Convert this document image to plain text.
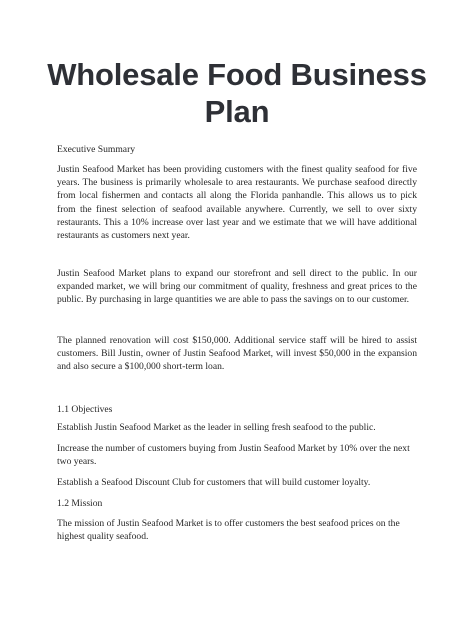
Wholesale Food Business Plan

Executive Summary

Justin Seafood Market has been providing customers with the finest quality seafood for five years. The business is primarily wholesale to area restaurants. We purchase seafood directly from local fishermen and contacts all along the Florida panhandle. This allows us to pick from the finest selection of seafood available anywhere. Currently, we sell to over sixty restaurants. This a 10% increase over last year and we estimate that we will have additional restaurants as customers next year.

Justin Seafood Market plans to expand our storefront and sell direct to the public. In our expanded market, we will bring our commitment of quality, freshness and great prices to the public. By purchasing in large quantities we are able to pass the savings on to our customer.

The planned renovation will cost $150,000. Additional service staff will be hired to assist customers. Bill Justin, owner of Justin Seafood Market, will invest $50,000 in the expansion and also secure a $100,000 short-term loan.

1.1 Objectives

Establish Justin Seafood Market as the leader in selling fresh seafood to the public.

Increase the number of customers buying from Justin Seafood Market by 10% over the next two years.

Establish a Seafood Discount Club for customers that will build customer loyalty.

1.2 Mission

The mission of Justin Seafood Market is to offer customers the best seafood prices on the highest quality seafood.
